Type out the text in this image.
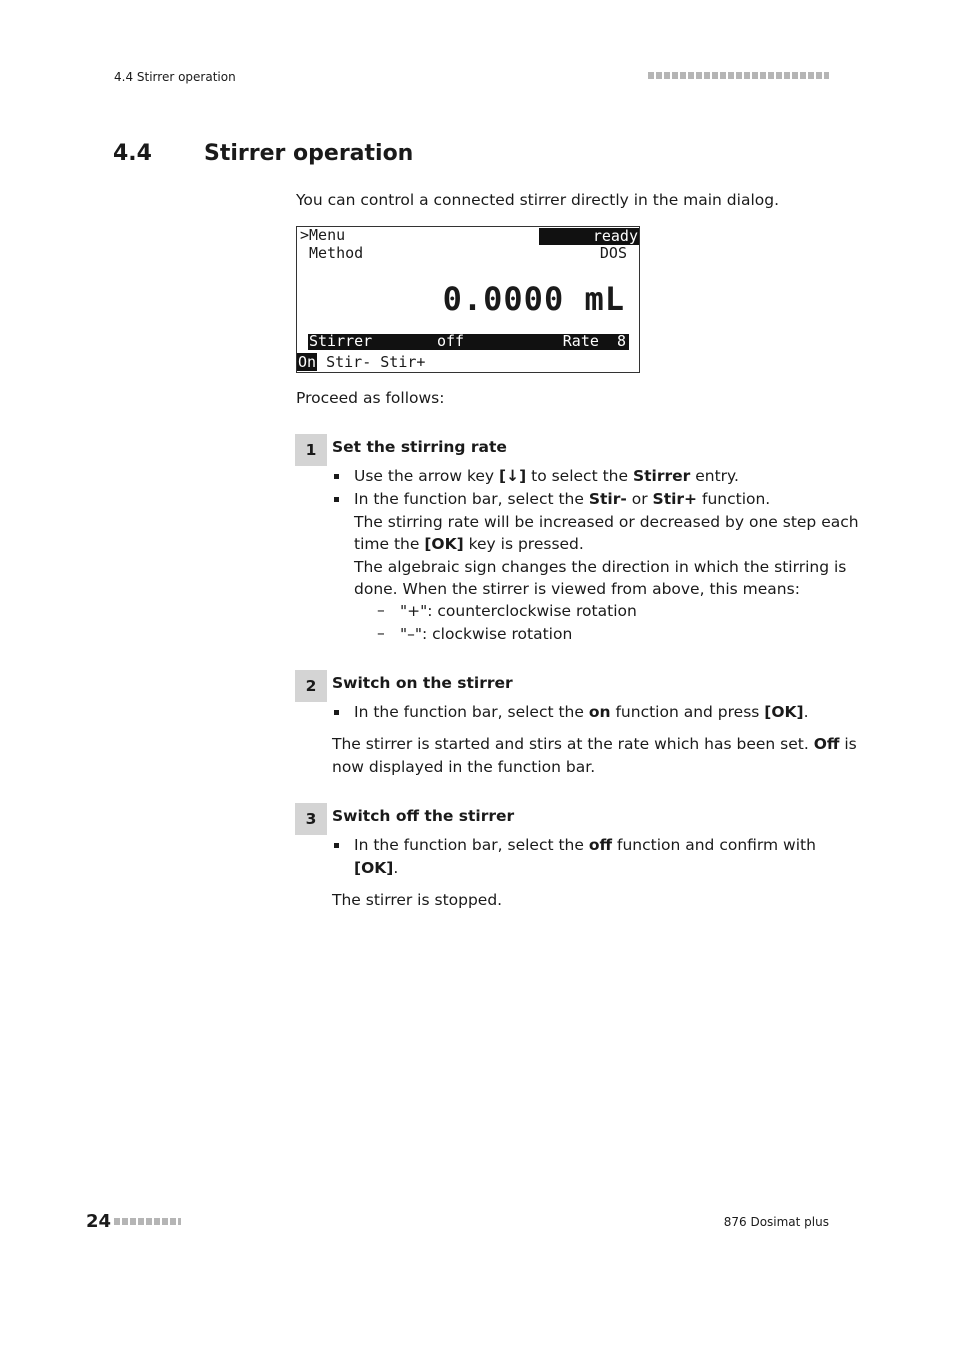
4.4 Stirrer operation
4.4 Stirrer operation
You can control a connected stirrer directly in the main dialog.
>Menu	ready
Method	DOS
0.0000 mL

Stirrer

	off

	Rate 8

On Stir- Stir+
Proceed as follows:
1	Set the stirring rate
Use the arrow key [↓] to select the Stirrer entry.
In the function bar, select the Stir- or Stir+ function.
The stirring rate will be increased or decreased by one step each
time the [OK] key is pressed.
The algebraic sign changes the direction in which the stirring is
done. When the stirrer is viewed from above, this means:
– "+": counterclockwise rotation
– "–": clockwise rotation
2	Switch on the stirrer
In the function bar, select the on function and press [OK].
The stirrer is started and stirs at the rate which has been set. Off is
now displayed in the function bar.
3	Switch off the stirrer
In the function bar, select the off function and confirm with
[OK].
The stirrer is stopped.
24	876 Dosimat plus
